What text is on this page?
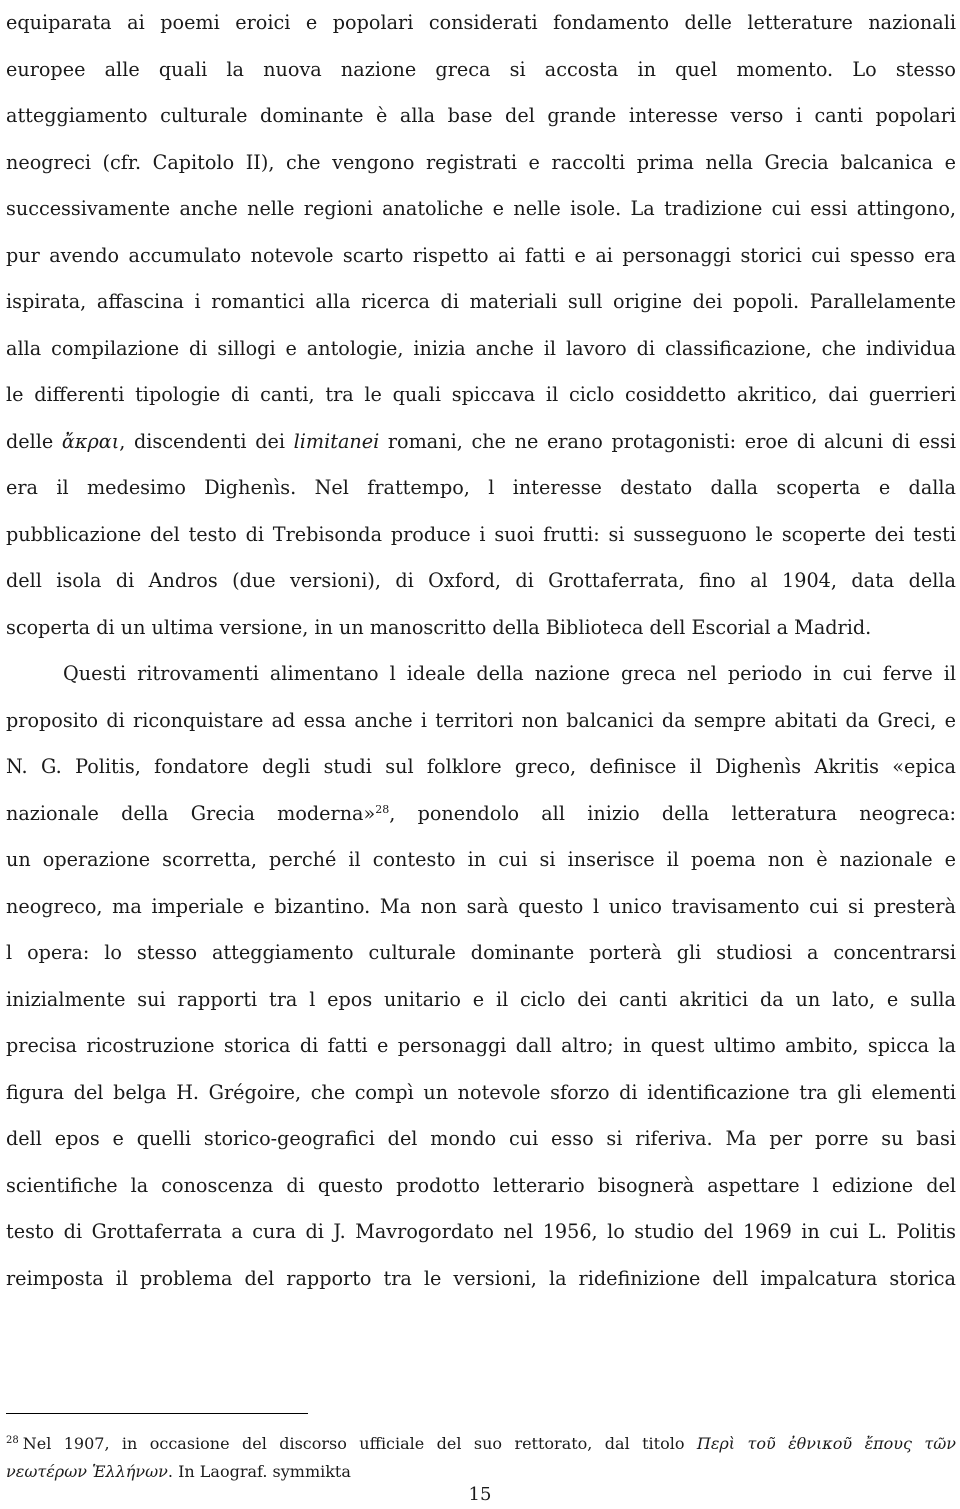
equiparata ai poemi eroici e popolari considerati fondamento delle letterature nazionali
europee alle quali la nuova nazione greca si accosta in quel momento. Lo stesso
atteggiamento culturale dominante è alla base del grande interesse verso i canti popolari
neogreci (cfr. Capitolo II), che vengono registrati e raccolti prima nella Grecia balcanica e
successivamente anche nelle regioni anatoliche e nelle isole. La tradizione cui essi attingono,
pur avendo accumulato notevole scarto rispetto ai fatti e ai personaggi storici cui spesso era
ispirata, affascina i romantici alla ricerca di materiali sull origine dei popoli. Parallelamente
alla compilazione di sillogi e antologie, inizia anche il lavoro di classificazione, che individua
le differenti tipologie di canti, tra le quali spiccava il ciclo cosiddetto akritico, dai guerrieri
delle ἄκραι, discendenti dei limitanei romani, che ne erano protagonisti: eroe di alcuni di essi
era il medesimo Dighenìs. Nel frattempo, l interesse destato dalla scoperta e dalla
pubblicazione del testo di Trebisonda produce i suoi frutti: si susseguono le scoperte dei testi
dell isola di Andros (due versioni), di Oxford, di Grottaferrata, fino al 1904, data della
scoperta di un ultima versione, in un manoscritto della Biblioteca dell Escorial a Madrid.
Questi ritrovamenti alimentano l ideale della nazione greca nel periodo in cui ferve il
proposito di riconquistare ad essa anche i territori non balcanici da sempre abitati da Greci, e
N. G. Politis, fondatore degli studi sul folklore greco, definisce il Dighenìs Akritis «epica
nazionale della Grecia moderna»$^{28}$, ponendolo all inizio della letteratura neogreca:
un operazione scorretta, perché il contesto in cui si inserisce il poema non è nazionale e
neogreco, ma imperiale e bizantino. Ma non sarà questo l unico travisamento cui si presterà
l opera: lo stesso atteggiamento culturale dominante porterà gli studiosi a concentrarsi
inizialmente sui rapporti tra l epos unitario e il ciclo dei canti akritici da un lato, e sulla
precisa ricostruzione storica di fatti e personaggi dall altro; in quest ultimo ambito, spicca la
figura del belga H. Grégoire, che compì un notevole sforzo di identificazione tra gli elementi
dell epos e quelli storico-geografici del mondo cui esso si riferiva. Ma per porre su basi
scientifiche la conoscenza di questo prodotto letterario bisognerà aspettare l edizione del
testo di Grottaferrata a cura di J. Mavrogordato nel 1956, lo studio del 1969 in cui L. Politis
reimposta il problema del rapporto tra le versioni, la ridefinizione dell impalcatura storica
$^{28}$ Nel 1907, in occasione del discorso ufficiale del suo rettorato, dal titolo Περὶ τοῦ ἐθνικοῦ ἔπους τῶν
νεωτέρων Ἑλλήνων. In Laograf. symmikta
15
